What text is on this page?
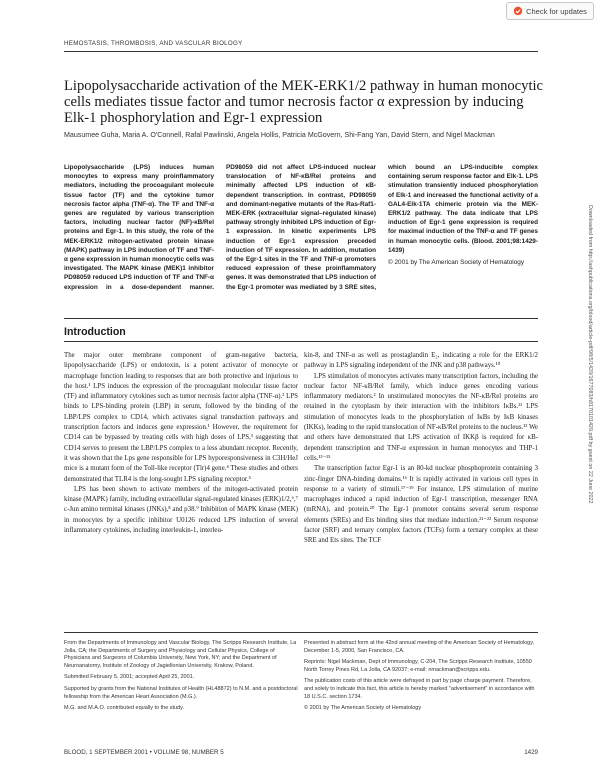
Check for updates
HEMOSTASIS, THROMBOSIS, AND VASCULAR BIOLOGY
Lipopolysaccharide activation of the MEK-ERK1/2 pathway in human monocytic cells mediates tissue factor and tumor necrosis factor α expression by inducing Elk-1 phosphorylation and Egr-1 expression
Mausumee Guha, Maria A. O'Connell, Rafal Pawlinski, Angela Hollis, Patricia McGovern, Shi-Fang Yan, David Stern, and Nigel Mackman
Lipopolysaccharide (LPS) induces human monocytes to express many proinflammatory mediators, including the procoagulant molecule tissue factor (TF) and the cytokine tumor necrosis factor alpha (TNF-α). The TF and TNF-α genes are regulated by various transcription factors, including nuclear factor (NF)-κB/Rel proteins and Egr-1. In this study, the role of the MEK-ERK1/2 mitogen-activated protein kinase (MAPK) pathway in LPS induction of TF and TNF-α gene expression in human monocytic cells was investigated. The MAPK kinase (MEK)1 inhibitor PD98059 reduced LPS induction of TF and TNF-α expression in a dose-dependent manner. PD98059 did not affect LPS-induced nuclear translocation of NF-κB/Rel proteins and minimally affected LPS induction of κB-dependent transcription. In contrast, PD98059 and dominant-negative mutants of the Ras-Raf1-MEK-ERK (extracellular signal–regulated kinase) pathway strongly inhibited LPS induction of Egr-1 expression. In kinetic experiments LPS induction of Egr-1 expression preceded induction of TF expression. In addition, mutation of the Egr-1 sites in the TF and TNF-α promoters reduced expression of these proinflammatory genes. It was demonstrated that LPS induction of the Egr-1 promoter was mediated by 3 SRE sites, which bound an LPS-inducible complex containing serum response factor and Elk-1. LPS stimulation transiently induced phosphorylation of Elk-1 and increased the functional activity of a GAL4-Elk-1TA chimeric protein via the MEK-ERK1/2 pathway. The data indicate that LPS induction of Egr-1 gene expression is required for maximal induction of the TNF-α and TF genes in human monocytic cells. (Blood. 2001;98:1429-1439)
© 2001 by The American Society of Hematology	Downloaded from http://ashpublications.org/blood/article-pdf/98/5/1429/1677083/h8170101429.pdf by guest on 22 June 2022
Introduction

The major outer membrane component of gram-negative bacteria, lipopolysaccharide (LPS) or endotoxin, is a potent activator of monocyte or macrophage function leading to responses that are both protective and injurious to the host.¹ LPS induces the expression of the procoagulant molecular tissue factor (TF) and inflammatory cytokines such as tumor necrosis factor alpha (TNF-α).² LPS binds to LPS-binding protein (LBP) in serum, followed by the binding of the LBP/LPS complex to CD14, which activates signal transduction pathways and transcription factors and induces gene expression.¹ However, the requirement for CD14 can be bypassed by treating cells with high doses of LPS,³ suggesting that CD14 serves to present the LBP/LPS complex to a less abundant receptor. Recently, it was shown that the Lps gene responsible for LPS hyporesponsiveness in C3H/HeJ mice is a mutant form of the Toll-like receptor (Tlr)4 gene.⁴ These studies and others demonstrated that TLR4 is the long-sought LPS signaling receptor.⁵

LPS has been shown to activate members of the mitogen-activated protein kinase (MAPK) family, including extracellular signal-regulated kinases (ERK)1/2,⁶,⁷ c-Jun amino terminal kinases (JNKs),⁸ and p38.⁹ Inhibition of MAPK kinase (MEK) in monocytes by a specific inhibitor U0126 reduced LPS induction of several inflammatory cytokines, including interleukin-1, interleu-

kin-8, and TNF-α as well as prostaglandin E₂, indicating a role for the ERK1/2 pathway in LPS signaling independent of the JNK and p38 pathways.¹⁰

LPS stimulation of monocytes activates many transcription factors, including the nuclear factor NF-κB/Rel family, which induce genes encoding various inflammatory mediators.² In unstimulated monocytes the NF-κB/Rel proteins are retained in the cytoplasm by their interaction with the inhibitors IκBs.¹¹ LPS stimulation of monocytes leads to the phosphorylation of IκBs by IκB kinases (IKKs), leading to the rapid translocation of NF-κB/Rel proteins to the nucleus.¹² We and others have demonstrated that LPS activation of IKKβ is required for κB-dependent transcription and TNF-α expression in human monocytes and THP-1 cells.¹³⁻¹⁵

The transcription factor Egr-1 is an 80-kd nuclear phosphoprotein containing 3 zinc-finger DNA-binding domains.¹⁶ It is rapidly activated in various cell types in response to a variety of stimuli.¹⁷⁻¹⁹ For instance, LPS stimulation of murine macrophages induced a rapid induction of Egr-1 transcription, messenger RNA (mRNA), and protein.²⁰ The Egr-1 promoter contains several serum response elements (SREs) and Ets binding sites that mediate induction.²¹⁻²³ Serum response factor (SRF) and ternary complex factors (TCFs) form a ternary complex at these SRE and Ets sites. The TCF

From the Departments of Immunology and Vascular Biology, The Scripps Research Institute, La Jolla, CA; the Departments of Surgery and Physiology and Cellular Physics, College of Physicians and Surgeons of Columbia University, New York, NY; and the Department of Neuroanatomy, Institute of Zoology of Jagiellonian University, Krakow, Poland.

Submitted February 5, 2001; accepted April 25, 2001.

Supported by grants from the National Institutes of Health (HL48872) to N.M. and a postdoctoral fellowship from the American Heart Association (M.G.).

M.G. and M.A.O. contributed equally to the study.

Presented in abstract form at the 42nd annual meeting of the American Society of Hematology, December 1-5, 2000, San Francisco, CA.

Reprints: Nigel Mackman, Dept of Immunology, C-204, The Scripps Research Institute, 10550 North Torrey Pines Rd, La Jolla, CA 92037; e-mail: nmackman@scripps.edu.

The publication costs of this article were defrayed in part by page charge payment. Therefore, and solely to indicate this fact, this article is hereby marked "advertisement" in accordance with 18 U.S.C. section 1734.

© 2001 by The American Society of Hematology

BLOOD, 1 SEPTEMBER 2001 • VOLUME 98, NUMBER 5	1429
